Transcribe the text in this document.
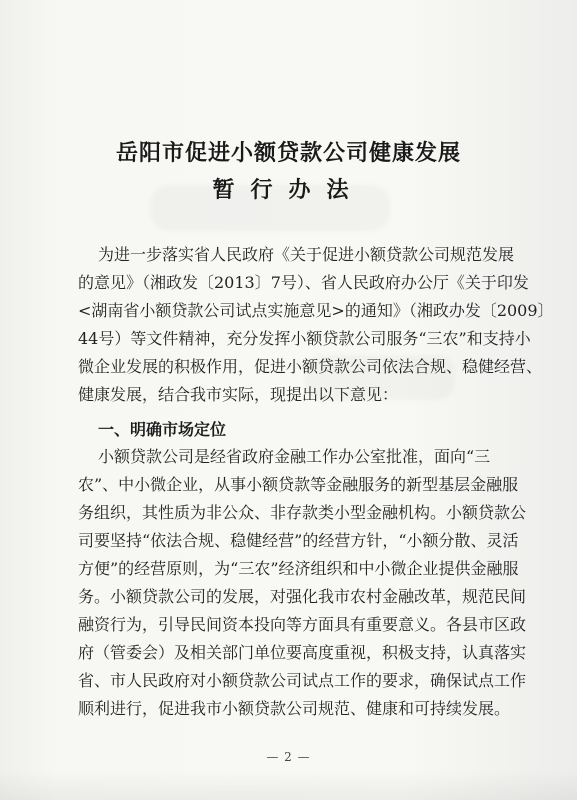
岳阳市促进小额贷款公司健康发展
暂行办法
为进一步落实省人民政府《关于促进小额贷款公司规范发展
的意见》（湘政发〔2013〕7号）、省人民政府办公厅《关于印发
<湖南省小额贷款公司试点实施意见>的通知》（湘政办发〔2009〕
44号）等文件精神，充分发挥小额贷款公司服务“三农”和支持小
微企业发展的积极作用，促进小额贷款公司依法合规、稳健经营、
健康发展，结合我市实际，现提出以下意见：
一、明确市场定位
小额贷款公司是经省政府金融工作办公室批准，面向“三
农”、中小微企业，从事小额贷款等金融服务的新型基层金融服
务组织，其性质为非公众、非存款类小型金融机构。小额贷款公
司要坚持“依法合规、稳健经营”的经营方针，“小额分散、灵活
方便”的经营原则，为“三农”经济组织和中小微企业提供金融服
务。小额贷款公司的发展，对强化我市农村金融改革，规范民间
融资行为，引导民间资本投向等方面具有重要意义。各县市区政
府（管委会）及相关部门单位要高度重视，积极支持，认真落实
省、市人民政府对小额贷款公司试点工作的要求，确保试点工作
顺利进行，促进我市小额贷款公司规范、健康和可持续发展。
— 2 —
